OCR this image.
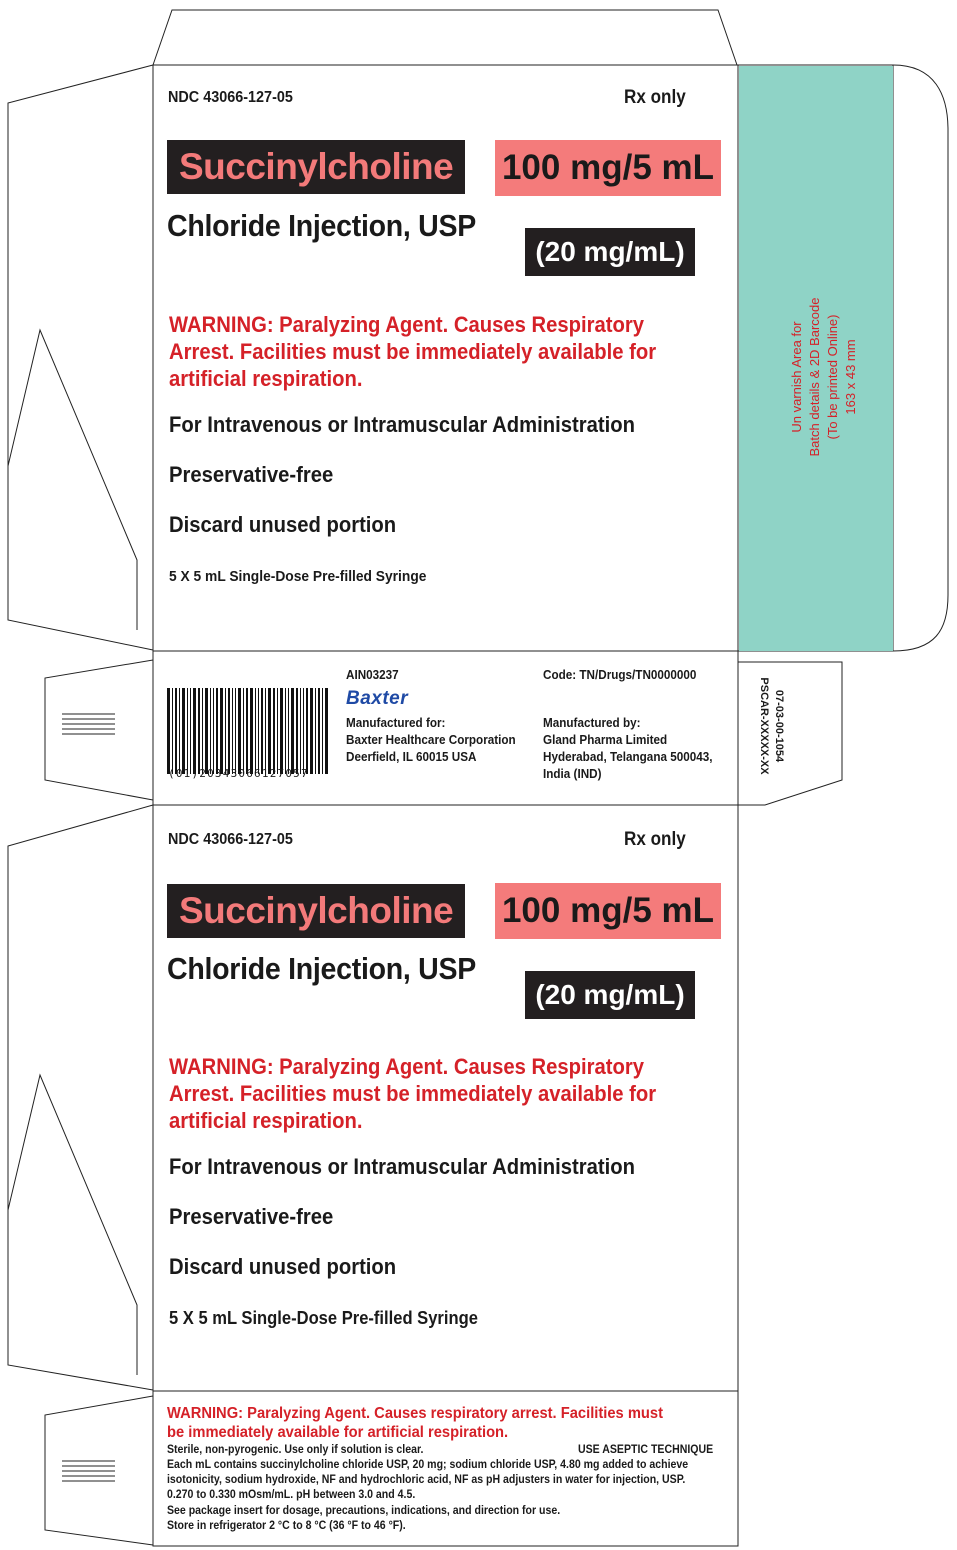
Un varnish Area for Batch details & 2D Barcode (To be printed Online) 163 x 43 mm
07-03-00-1054
PSCAR-XXXXX-XX
NDC 43066-127-05	Rx only
Succinylcholine
Chloride Injection, USP
100 mg/5 mL
(20 mg/mL)
WARNING: Paralyzing Agent. Causes Respiratory Arrest. Facilities must be immediately available for artificial respiration.
For Intravenous or Intramuscular Administration
Preservative-free
Discard unused portion
5 X 5 mL Single-Dose Pre-filled Syringe
(01)20343066127057
AIN03237	Code: TN/Drugs/TN0000000
Baxter
Manufactured for:
Baxter Healthcare Corporation
Deerfield, IL 60015 USA
Manufactured by:
Gland Pharma Limited
Hyderabad, Telangana 500043,
India (IND)
NDC 43066-127-05	Rx only
Succinylcholine
Chloride Injection, USP
100 mg/5 mL
(20 mg/mL)
WARNING: Paralyzing Agent. Causes Respiratory Arrest. Facilities must be immediately available for artificial respiration.
For Intravenous or Intramuscular Administration
Preservative-free
Discard unused portion
5 X 5 mL Single-Dose Pre-filled Syringe
WARNING: Paralyzing Agent. Causes respiratory arrest. Facilities must be immediately available for artificial respiration.
Sterile, non-pyrogenic. Use only if solution is clear.	USE ASEPTIC TECHNIQUE
Each mL contains succinylcholine chloride USP, 20 mg; sodium chloride USP, 4.80 mg added to achieve isotonicity, sodium hydroxide, NF and hydrochloric acid, NF as pH adjusters in water for injection, USP. 0.270 to 0.330 mOsm/mL. pH between 3.0 and 4.5.
See package insert for dosage, precautions, indications, and direction for use.
Store in refrigerator 2 °C to 8 °C (36 °F to 46 °F).
